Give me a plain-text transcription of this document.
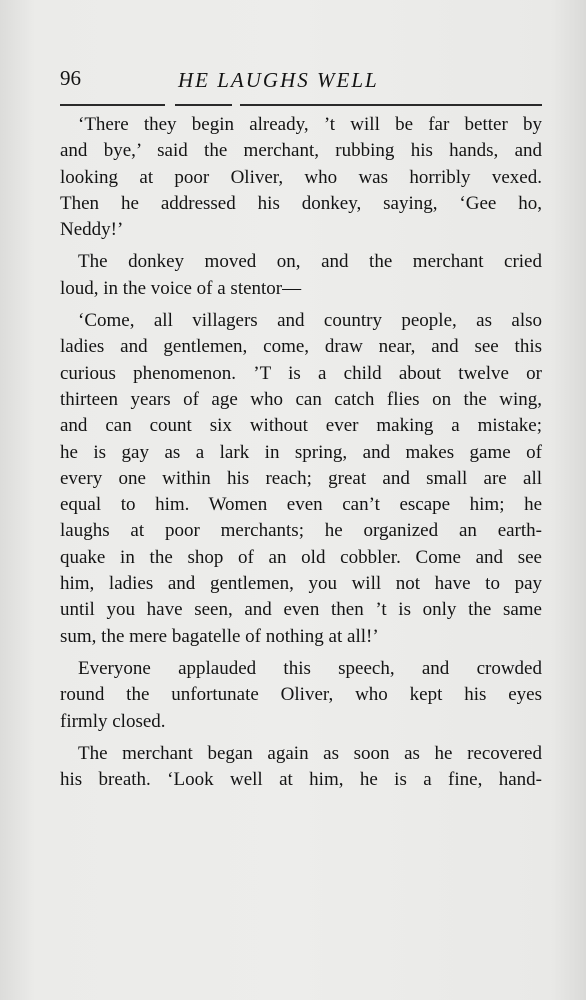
96	HE LAUGHS WELL
‘There they begin already, ’t will be far better by
and bye,’ said the merchant, rubbing his hands, and
looking at poor Oliver, who was horribly vexed.
Then he addressed his donkey, saying, ‘Gee ho,
Neddy!’
The donkey moved on, and the merchant cried
loud, in the voice of a stentor—
‘Come, all villagers and country people, as also
ladies and gentlemen, come, draw near, and see this
curious phenomenon. ’T is a child about twelve or
thirteen years of age who can catch flies on the wing,
and can count six without ever making a mistake;
he is gay as a lark in spring, and makes game of
every one within his reach; great and small are all
equal to him. Women even can’t escape him; he
laughs at poor merchants; he organized an earth-
quake in the shop of an old cobbler. Come and see
him, ladies and gentlemen, you will not have to pay
until you have seen, and even then ’t is only the same
sum, the mere bagatelle of nothing at all!’
Everyone applauded this speech, and crowded
round the unfortunate Oliver, who kept his eyes
firmly closed.
The merchant began again as soon as he recovered
his breath. ‘Look well at him, he is a fine, hand-
